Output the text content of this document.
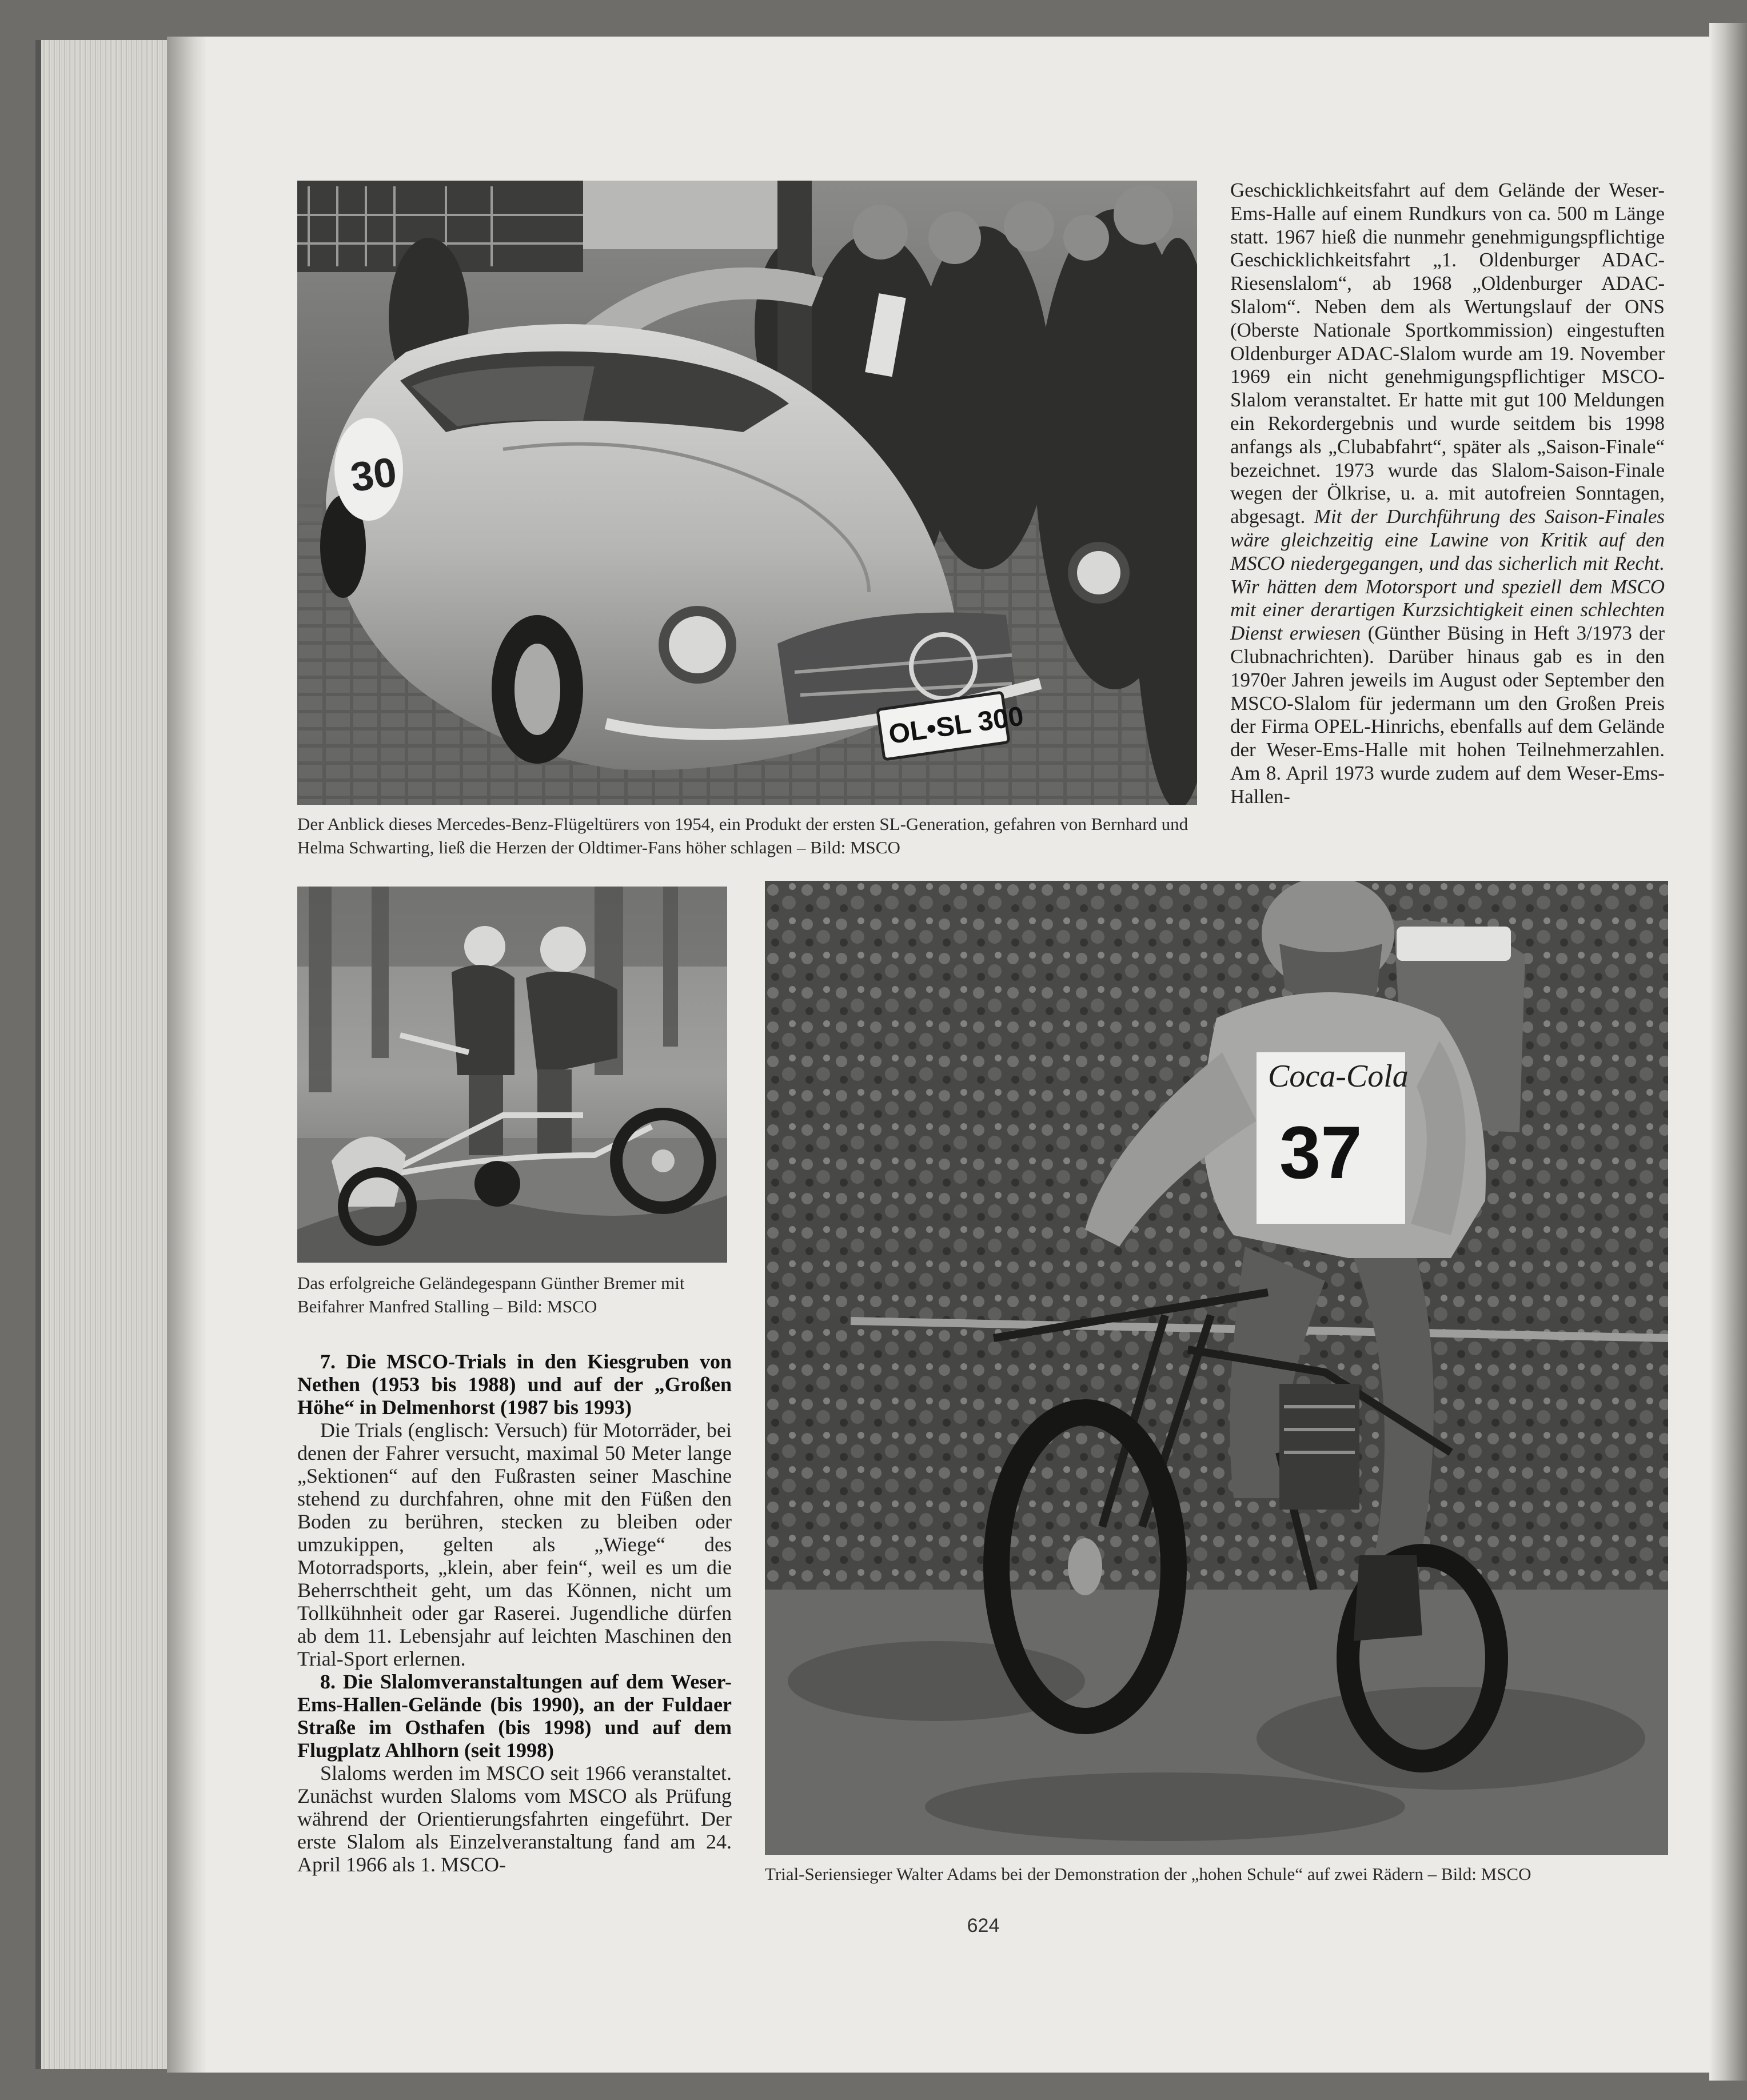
30
OL•SL 300

Der Anblick dieses Mercedes-Benz-Flügeltürers von 1954, ein Produkt der ersten SL-Generation, gefahren von Bernhard und Helma Schwarting, ließ die Herzen der Oldtimer-Fans höher schlagen – Bild: MSCO

Geschicklichkeitsfahrt auf dem Gelände der Weser-Ems-Halle auf einem Rundkurs von ca. 500 m Länge statt. 1967 hieß die nunmehr genehmigungspflichtige Geschicklichkeitsfahrt „1. Oldenburger ADAC-Riesenslalom“, ab 1968 „Oldenburger ADAC-Slalom“. Neben dem als Wertungslauf der ONS (Oberste Nationale Sportkommission) eingestuften Oldenburger ADAC-Slalom wurde am 19. November 1969 ein nicht genehmigungspflichtiger MSCO-Slalom veranstaltet. Er hatte mit gut 100 Meldungen ein Rekordergebnis und wurde seitdem bis 1998 anfangs als „Clubabfahrt“, später als „Saison-Finale“ bezeichnet. 1973 wurde das Slalom-Saison-Finale wegen der Ölkrise, u. a. mit autofreien Sonntagen, abgesagt. Mit der Durchführung des Saison-Finales wäre gleichzeitig eine Lawine von Kritik auf den MSCO niedergegangen, und das sicherlich mit Recht. Wir hätten dem Motorsport und speziell dem MSCO mit einer derartigen Kurzsichtigkeit einen schlechten Dienst erwiesen (Günther Büsing in Heft 3/1973 der Clubnachrichten). Darüber hinaus gab es in den 1970er Jahren jeweils im August oder September den MSCO-Slalom für jedermann um den Großen Preis der Firma OPEL-Hinrichs, ebenfalls auf dem Gelände der Weser-Ems-Halle mit hohen Teilnehmerzahlen. Am 8. April 1973 wurde zudem auf dem Weser-Ems-Hallen-

Das erfolgreiche Geländegespann Günther Bremer mit Beifahrer Manfred Stalling – Bild: MSCO

7. Die MSCO-Trials in den Kiesgruben von Nethen (1953 bis 1988) und auf der „Großen Höhe“ in Delmenhorst (1987 bis 1993)

Die Trials (englisch: Versuch) für Motorräder, bei denen der Fahrer versucht, maximal 50 Meter lange „Sektionen“ auf den Fußrasten seiner Maschine stehend zu durchfahren, ohne mit den Füßen den Boden zu berühren, stecken zu bleiben oder umzukippen, gelten als „Wiege“ des Motorradsports, „klein, aber fein“, weil es um die Beherrschtheit geht, um das Können, nicht um Tollkühnheit oder gar Raserei. Jugendliche dürfen ab dem 11. Lebensjahr auf leichten Maschinen den Trial-Sport erlernen.

8. Die Slalomveranstaltungen auf dem Weser-Ems-Hallen-Gelände (bis 1990), an der Fuldaer Straße im Osthafen (bis 1998) und auf dem Flugplatz Ahlhorn (seit 1998)

Slaloms werden im MSCO seit 1966 veranstaltet. Zunächst wurden Slaloms vom MSCO als Prüfung während der Orientierungsfahrten eingeführt. Der erste Slalom als Einzelveranstaltung fand am 24. April 1966 als 1. MSCO-

Coca-Cola
37

Trial-Seriensieger Walter Adams bei der Demonstration der „hohen Schule“ auf zwei Rädern – Bild: MSCO

624
